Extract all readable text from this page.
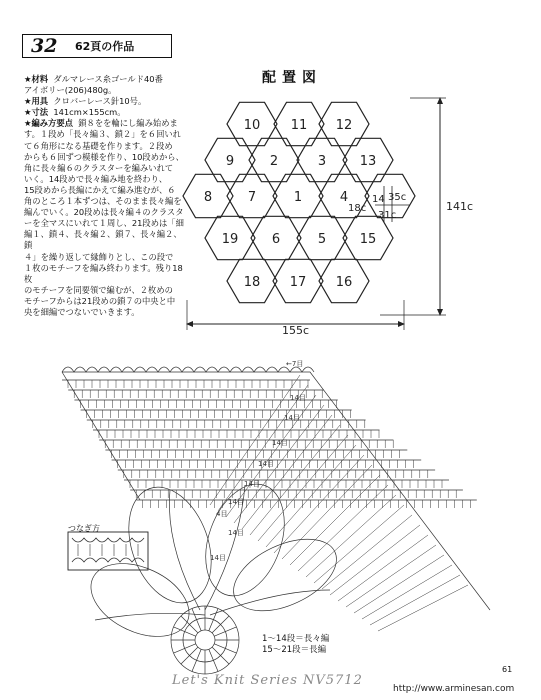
32	62頁の作品

★材料 ダルマレース糸ゴールド40番

アイボリー(206)480g。

★用具 クロバーレース針10号。

★寸法 141cm×155cm。

★編み方要点 鎖８をを輪にし編み始めま

す。１段め「長々編３、鎖２」を６回いれ

て６角形になる基礎を作ります。２段め

からも６回ずつ模様を作り、10段めから、

角に長々編６のクラスターを編みいれて

いく。14段めで長々編み地を終わり、

15段めから長編にかえて編み進むが、６

角のところ１本ずつは、そのまま長々編を

編んでいく。20段めは長々編４のクラスタ

ーを全マスにいれて１周し、21段めは「細

編１、鎖４、長々編２、鎖７、長々編２、鎖

４」を繰り返して縁飾りとし、この段で

１枚のモチーフを編み終わります。残り18枚

のモチーフを同要領で編むが、２枚めの

モチーフからは21段めの鎖７の中央と中

央を細編でつないでいきます。

配置図
10 11 12
9	2	3	13
8	7	1	4
19	6	5	15
18 17 16
141c
155c
18c
14 35c
31c
←7目
14目
14目
14目
14目
14目
14目
4目
14目
14目
つなぎ方
1～14段＝長々編
15～21段＝長編
Let's Knit Series NV5712
61
http://www.arminesan.com
